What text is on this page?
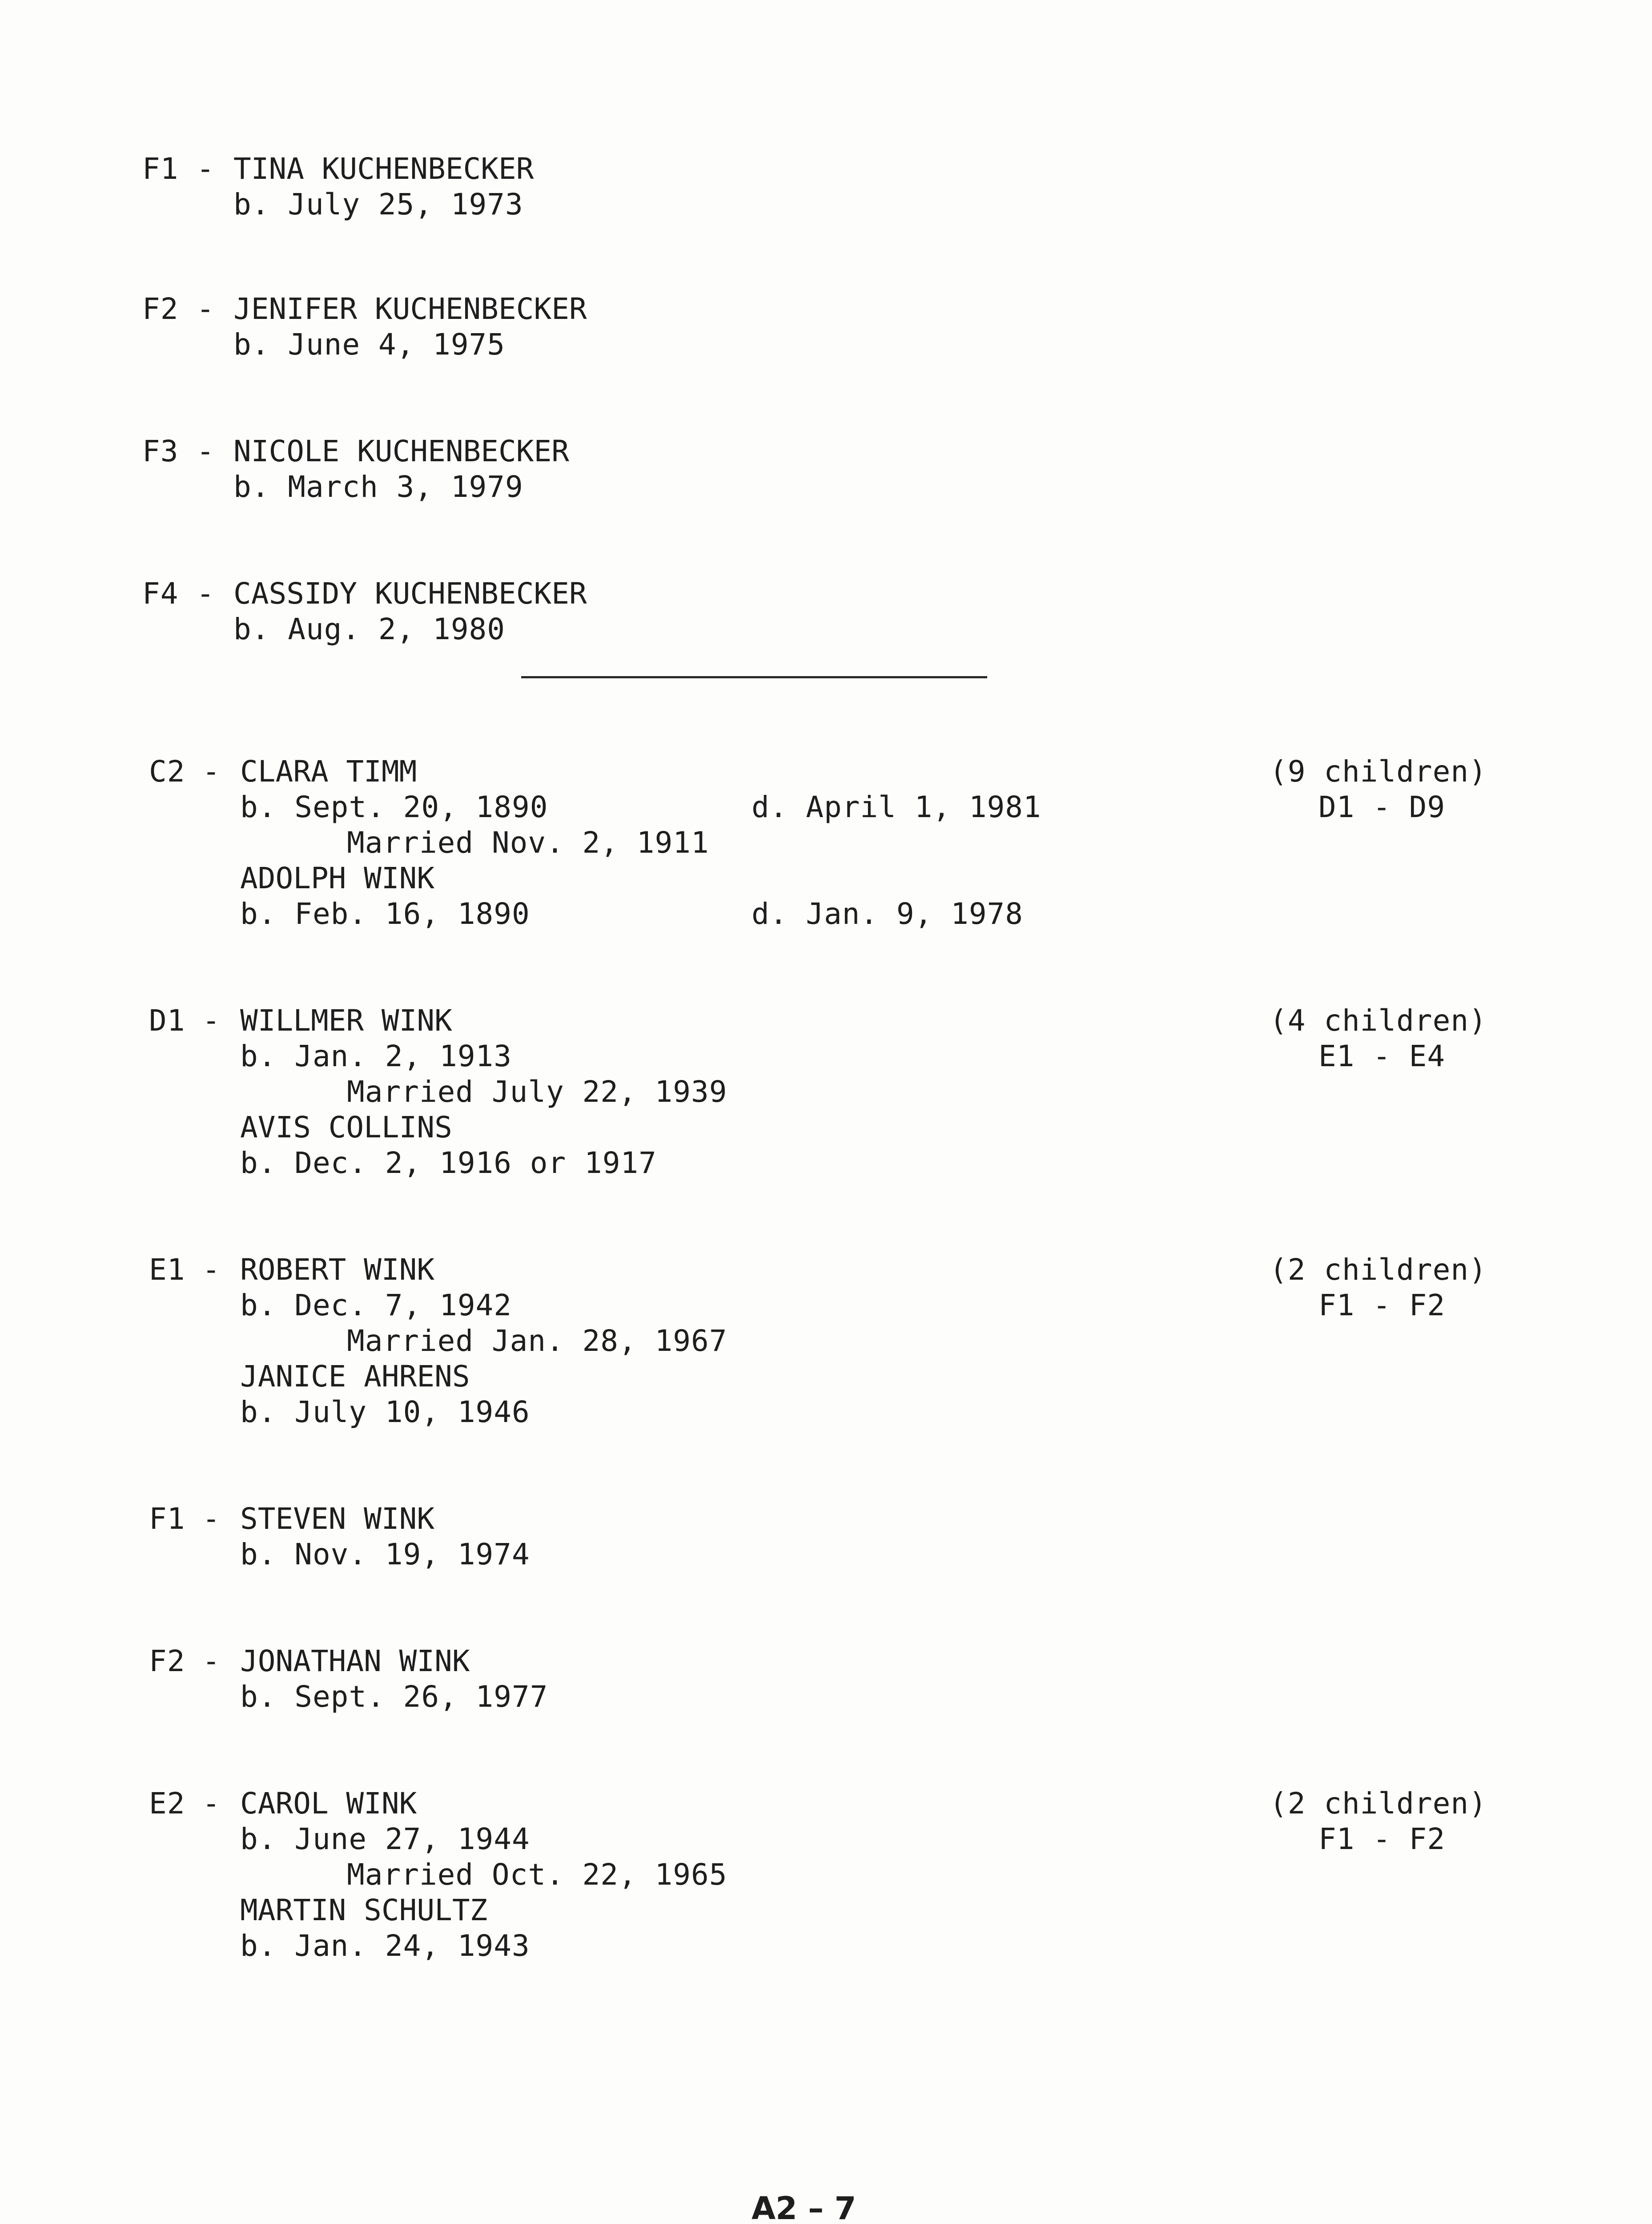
F1 - TINA KUCHENBECKER
b. July 25, 1973
F2 - JENIFER KUCHENBECKER
b. June 4, 1975
F3 - NICOLE KUCHENBECKER
b. March 3, 1979
F4 - CASSIDY KUCHENBECKER
b. Aug. 2, 1980
C2 - CLARA TIMM
b. Sept. 20, 1890	d. April 1, 1981
Married Nov. 2, 1911
ADOLPH WINK
b. Feb. 16, 1890	d. Jan. 9, 1978
(9 children)
D1 - D9
D1 - WILLMER WINK
b. Jan. 2, 1913
Married July 22, 1939
AVIS COLLINS
b. Dec. 2, 1916 or 1917
(4 children)
E1 - E4
E1 - ROBERT WINK
b. Dec. 7, 1942
Married Jan. 28, 1967
JANICE AHRENS
b. July 10, 1946
(2 children)
F1 - F2
F1 - STEVEN WINK
b. Nov. 19, 1974
F2 - JONATHAN WINK
b. Sept. 26, 1977
E2 - CAROL WINK
b. June 27, 1944
Married Oct. 22, 1965
MARTIN SCHULTZ
b. Jan. 24, 1943
(2 children)
F1 - F2
A2 – 7
